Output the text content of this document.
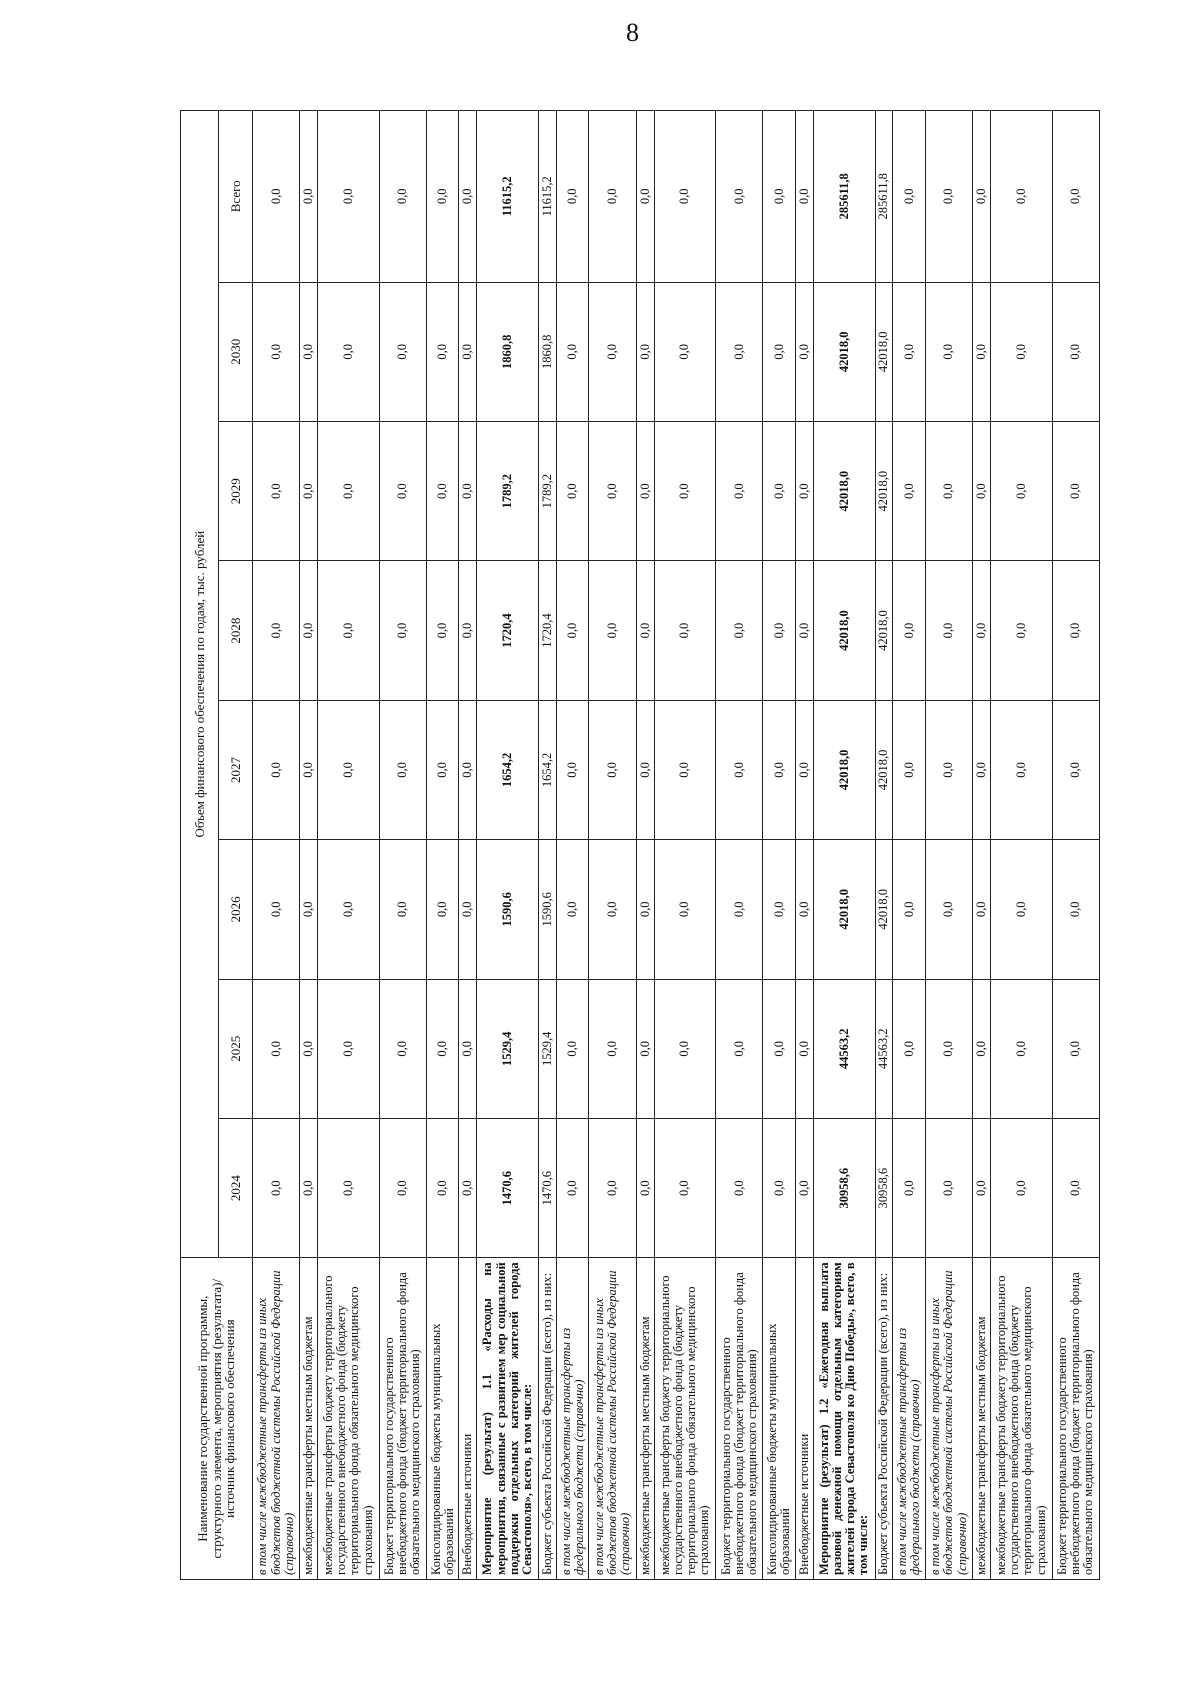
8
Наименование государственной программы, структурного элемента, мероприятия (результата)/источник финансового обеспечения	Объем финансового обеспечения по годам, тыс. рублей							
	2024	2025	2026	2027	2028	2029	2030	Всего
в том числе межбюджетные трансферты из иных бюджетов бюджетной системы Российской Федерации (справочно)	0,0	0,0	0,0	0,0	0,0	0,0	0,0	0,0
межбюджетные трансферты местным бюджетам	0,0	0,0	0,0	0,0	0,0	0,0	0,0	0,0
межбюджетные трансферты бюджету территориального государственного внебюджетного фонда (бюджету территориального фонда обязательного медицинского страхования)	0,0	0,0	0,0	0,0	0,0	0,0	0,0	0,0
Бюджет территориального государственного внебюджетного фонда (бюджет территориального фонда обязательного медицинского страхования)	0,0	0,0	0,0	0,0	0,0	0,0	0,0	0,0
Консолидированные бюджеты муниципальных образований	0,0	0,0	0,0	0,0	0,0	0,0	0,0	0,0
Внебюджетные источники	0,0	0,0	0,0	0,0	0,0	0,0	0,0	0,0
Мероприятие (результат) 1.1 «Расходы на мероприятия, связанные с развитием мер социальной поддержки отдельных категорий жителей города Севастополя», всего, в том числе:	1470,6	1529,4	1590,6	1654,2	1720,4	1789,2	1860,8	11615,2
Бюджет субъекта Российской Федерации (всего), из них:	1470,6	1529,4	1590,6	1654,2	1720,4	1789,2	1860,8	11615,2
в том числе межбюджетные трансферты из федерального бюджета (справочно)	0,0	0,0	0,0	0,0	0,0	0,0	0,0	0,0
в том числе межбюджетные трансферты из иных бюджетов бюджетной системы Российской Федерации (справочно)	0,0	0,0	0,0	0,0	0,0	0,0	0,0	0,0
межбюджетные трансферты местным бюджетам	0,0	0,0	0,0	0,0	0,0	0,0	0,0	0,0
межбюджетные трансферты бюджету территориального государственного внебюджетного фонда (бюджету территориального фонда обязательного медицинского страхования)	0,0	0,0	0,0	0,0	0,0	0,0	0,0	0,0
Бюджет территориального государственного внебюджетного фонда (бюджет территориального фонда обязательного медицинского страхования)	0,0	0,0	0,0	0,0	0,0	0,0	0,0	0,0
Консолидированные бюджеты муниципальных образований	0,0	0,0	0,0	0,0	0,0	0,0	0,0	0,0
Внебюджетные источники	0,0	0,0	0,0	0,0	0,0	0,0	0,0	0,0
Мероприятие (результат) 1.2 «Ежегодная выплата разовой денежной помощи отдельным категориям жителей города Севастополя ко Дню Победы», всего, в том числе:	30958,6	44563,2	42018,0	42018,0	42018,0	42018,0	42018,0	285611,8
Бюджет субъекта Российской Федерации (всего), из них:	30958,6	44563,2	42018,0	42018,0	42018,0	42018,0	42018,0	285611,8
в том числе межбюджетные трансферты из федерального бюджета (справочно)	0,0	0,0	0,0	0,0	0,0	0,0	0,0	0,0
в том числе межбюджетные трансферты из иных бюджетов бюджетной системы Российской Федерации (справочно)	0,0	0,0	0,0	0,0	0,0	0,0	0,0	0,0
межбюджетные трансферты местным бюджетам	0,0	0,0	0,0	0,0	0,0	0,0	0,0	0,0
межбюджетные трансферты бюджету территориального государственного внебюджетного фонда (бюджету территориального фонда обязательного медицинского страхования)	0,0	0,0	0,0	0,0	0,0	0,0	0,0	0,0
Бюджет территориального государственного внебюджетного фонда (бюджет территориального фонда обязательного медицинского страхования)	0,0	0,0	0,0	0,0	0,0	0,0	0,0	0,0
